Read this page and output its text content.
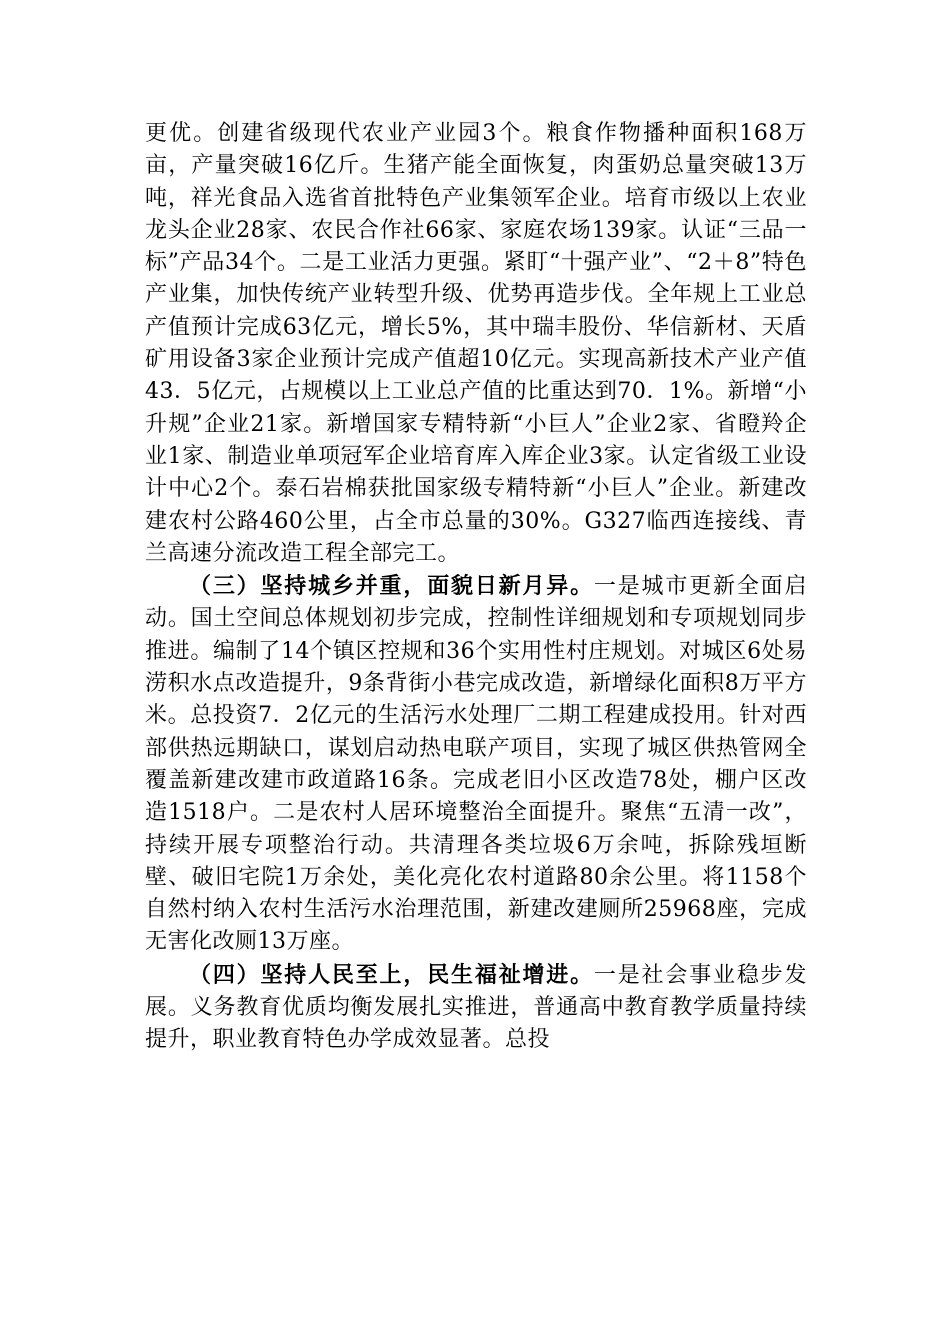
更优。创建省级现代农业产业园3个。粮食作物播种面积168万亩，产量突破16亿斤。生猪产能全面恢复，肉蛋奶总量突破13万吨，祥光食品入选省首批特色产业集领军企业。培育市级以上农业龙头企业28家、农民合作社66家、家庭农场139家。认证“三品一标”产品34个。二是工业活力更强。紧盯“十强产业”、“2＋8”特色产业集，加快传统产业转型升级、优势再造步伐。全年规上工业总产值预计完成63亿元，增长5%，其中瑞丰股份、华信新材、天盾矿用设备3家企业预计完成产值超10亿元。实现高新技术产业产值43．5亿元，占规模以上工业总产值的比重达到70．1%。新增“小升规”企业21家。新增国家专精特新“小巨人”企业2家、省瞪羚企业1家、制造业单项冠军企业培育库入库企业3家。认定省级工业设计中心2个。泰石岩棉获批国家级专精特新“小巨人”企业。新建改建农村公路460公里，占全市总量的30%。G327临西连接线、青兰高速分流改造工程全部完工。

（三）坚持城乡并重，面貌日新月异。一是城市更新全面启动。国土空间总体规划初步完成，控制性详细规划和专项规划同步推进。编制了14个镇区控规和36个实用性村庄规划。对城区6处易涝积水点改造提升，9条背街小巷完成改造，新增绿化面积8万平方米。总投资7．2亿元的生活污水处理厂二期工程建成投用。针对西部供热远期缺口，谋划启动热电联产项目，实现了城区供热管网全覆盖新建改建市政道路16条。完成老旧小区改造78处，棚户区改造1518户。二是农村人居环境整治全面提升。聚焦“五清一改”，持续开展专项整治行动。共清理各类垃圾6万余吨，拆除残垣断壁、破旧宅院1万余处，美化亮化农村道路80余公里。将1158个自然村纳入农村生活污水治理范围，新建改建厕所25968座，完成无害化改厕13万座。

（四）坚持人民至上，民生福祉增进。一是社会事业稳步发展。义务教育优质均衡发展扎实推进，普通高中教育教学质量持续提升，职业教育特色办学成效显著。总投
